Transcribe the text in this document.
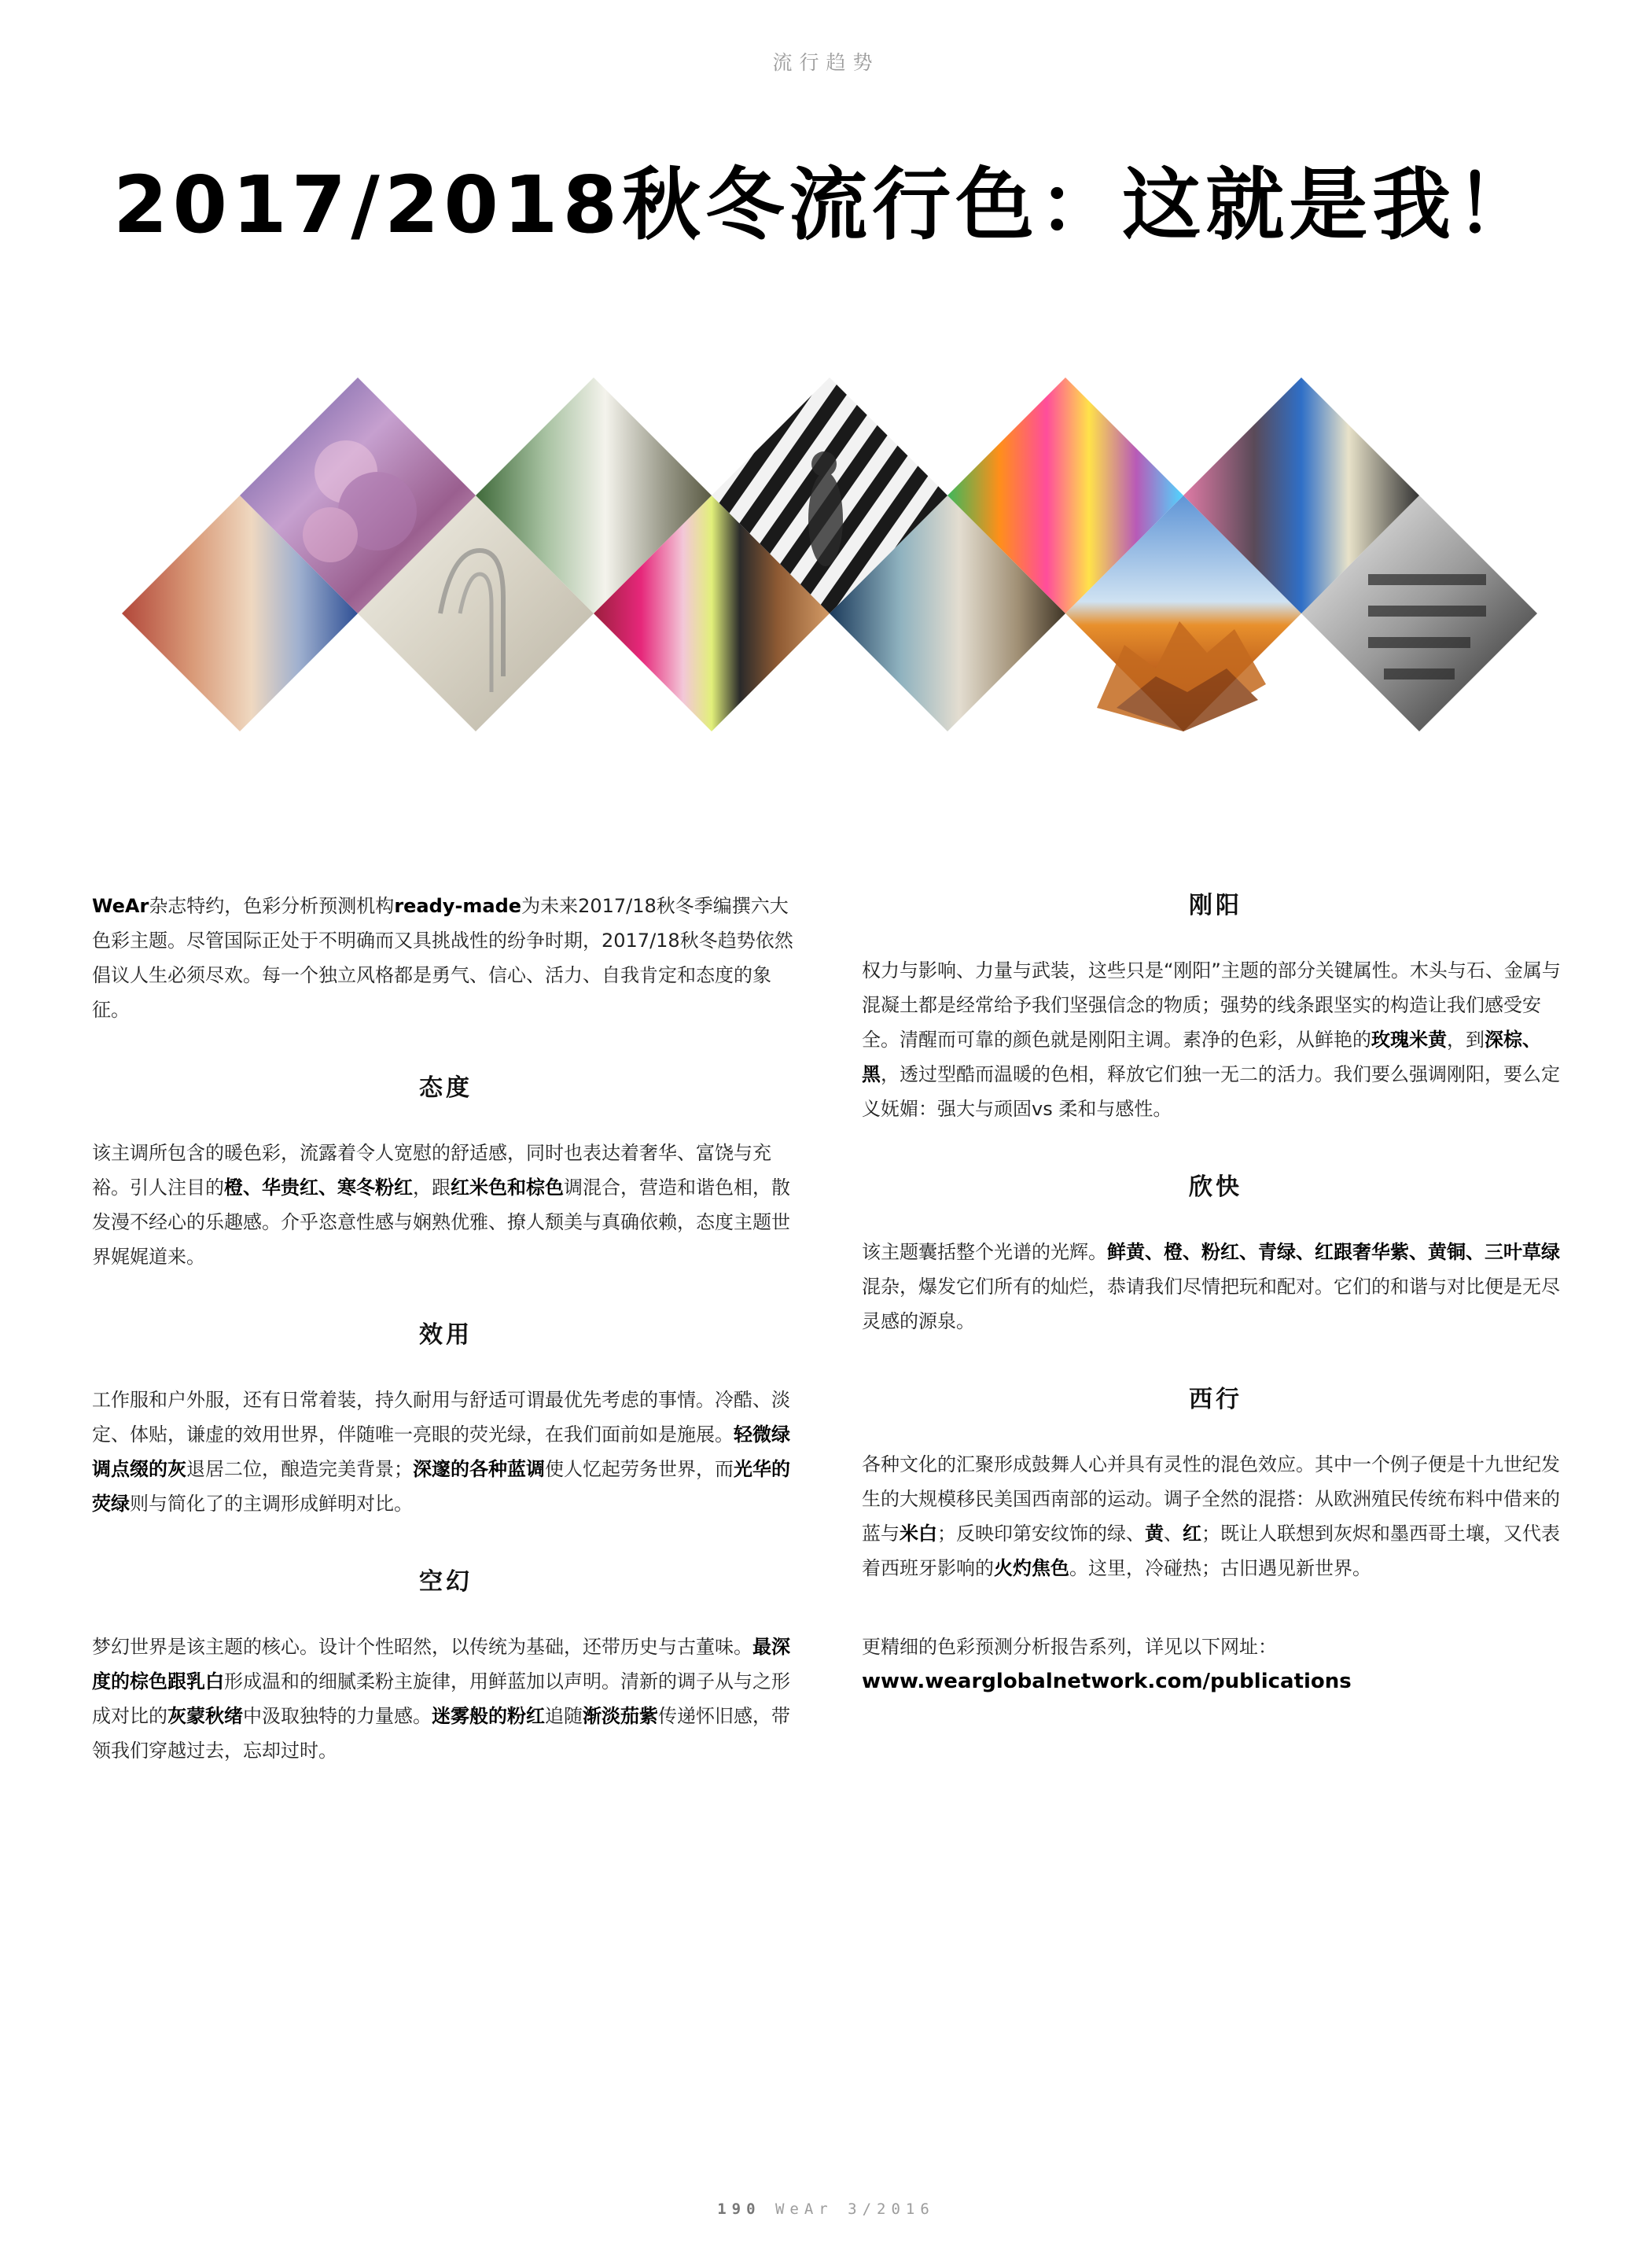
流行趋势
2017/2018秋冬流行色：这就是我！

WeAr杂志特约，色彩分析预测机构ready-made为未来2017/18秋冬季编撰六大色彩主题。尽管国际正处于不明确而又具挑战性的纷争时期，2017/18秋冬趋势依然倡议人生必须尽欢。每一个独立风格都是勇气、信心、活力、自我肯定和态度的象征。

态度

该主调所包含的暖色彩，流露着令人宽慰的舒适感，同时也表达着奢华、富饶与充裕。引人注目的橙、华贵红、寒冬粉红，跟红米色和棕色调混合，营造和谐色相，散发漫不经心的乐趣感。介乎恣意性感与娴熟优雅、撩人颓美与真确依赖，态度主题世界娓娓道来。

效用

工作服和户外服，还有日常着装，持久耐用与舒适可谓最优先考虑的事情。冷酷、淡定、体贴，谦虚的效用世界，伴随唯一亮眼的荧光绿，在我们面前如是施展。轻微绿调点缀的灰退居二位，酿造完美背景；深邃的各种蓝调使人忆起劳务世界，而光华的荧绿则与简化了的主调形成鲜明对比。

空幻

梦幻世界是该主题的核心。设计个性昭然，以传统为基础，还带历史与古董味。最深度的棕色跟乳白形成温和的细腻柔粉主旋律，用鲜蓝加以声明。清新的调子从与之形成对比的灰蒙秋绪中汲取独特的力量感。迷雾般的粉红追随渐淡茄紫传递怀旧感，带领我们穿越过去，忘却过时。

刚阳

权力与影响、力量与武装，这些只是“刚阳”主题的部分关键属性。木头与石、金属与混凝土都是经常给予我们坚强信念的物质；强势的线条跟坚实的构造让我们感受安全。清醒而可靠的颜色就是刚阳主调。素净的色彩，从鲜艳的玫瑰米黄，到深棕、黑，透过型酷而温暖的色相，释放它们独一无二的活力。我们要么强调刚阳，要么定义妩媚：强大与顽固vs 柔和与感性。

欣快

该主题囊括整个光谱的光辉。鲜黄、橙、粉红、青绿、红跟奢华紫、黄铜、三叶草绿混杂，爆发它们所有的灿烂，恭请我们尽情把玩和配对。它们的和谐与对比便是无尽灵感的源泉。

西行

各种文化的汇聚形成鼓舞人心并具有灵性的混色效应。其中一个例子便是十九世纪发生的大规模移民美国西南部的运动。调子全然的混搭：从欧洲殖民传统布料中借来的蓝与米白；反映印第安纹饰的绿、黄、红；既让人联想到灰烬和墨西哥土壤，又代表着西班牙影响的火灼焦色。这里，冷碰热；古旧遇见新世界。

更精细的色彩预测分析报告系列，详见以下网址：

www.wearglobalnetwork.com/publications

190 WeAr 3/2016
